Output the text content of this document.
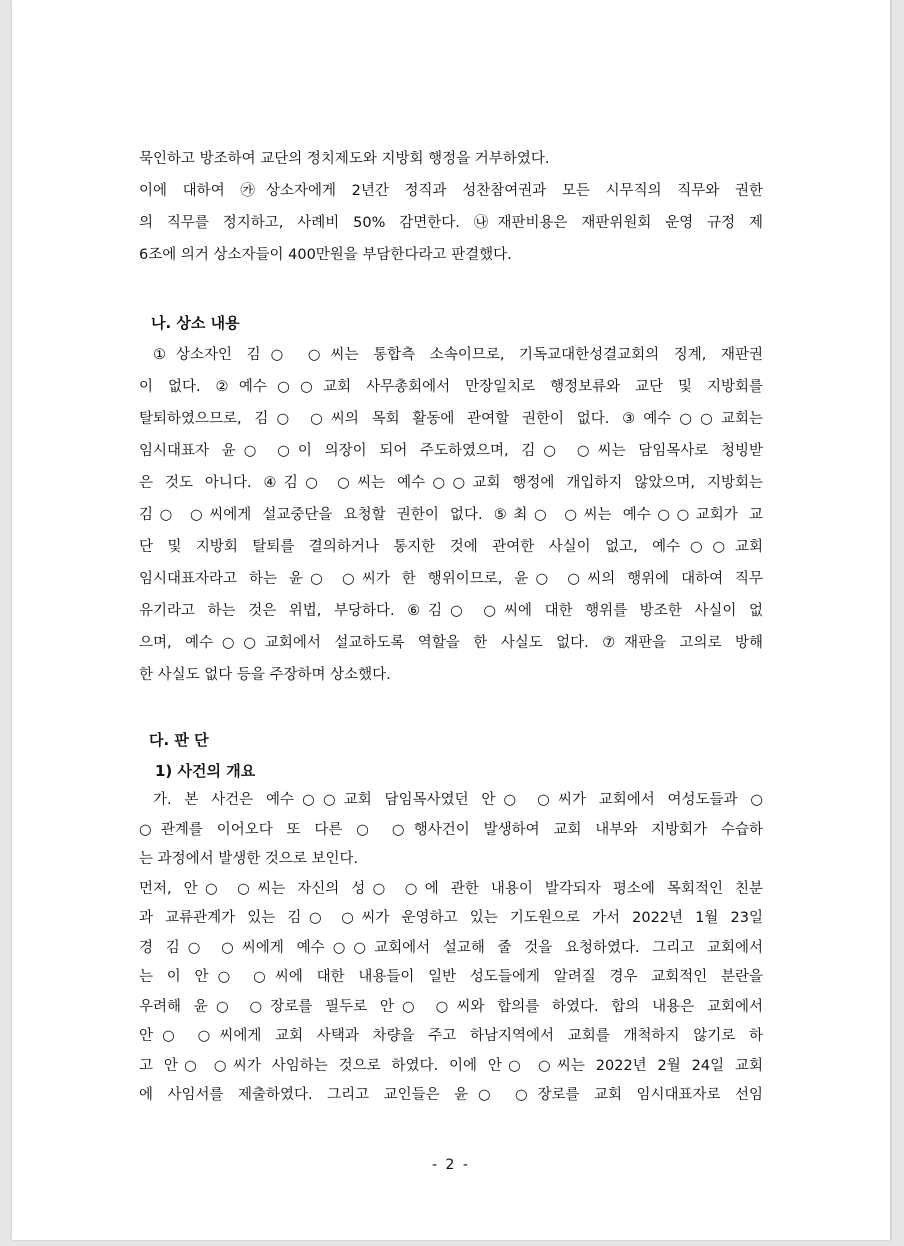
묵인하고 방조하여 교단의 정치제도와 지방회 행정을 거부하였다.

이에 대하여 ㉮상소자에게 2년간 정직과 성찬참여권과 모든 시무직의 직무와 권한

의 직무를 정지하고, 사례비 50% 감면한다. ㉯재판비용은 재판위원회 운영 규정 제

6조에 의거 상소자들이 400만원을 부담한다라고 판결했다.

나. 상소 내용

①상소자인 김○ ○씨는 통합측 소속이므로, 기독교대한성결교회의 징계, 재판권

이 없다. ②예수○○교회 사무총회에서 만장일치로 행정보류와 교단 및 지방회를

탈퇴하였으므로, 김○ ○씨의 목회 활동에 관여할 권한이 없다. ③예수○○교회는

임시대표자 윤○ ○이 의장이 되어 주도하였으며, 김○ ○씨는 담임목사로 청빙받

은 것도 아니다. ④김○ ○씨는 예수○○교회 행정에 개입하지 않았으며, 지방회는

김○ ○씨에게 설교중단을 요청할 권한이 없다. ⑤최○ ○씨는 예수○○교회가 교

단 및 지방회 탈퇴를 결의하거나 통지한 것에 관여한 사실이 없고, 예수○○교회

임시대표자라고 하는 윤○ ○씨가 한 행위이므로, 윤○ ○씨의 행위에 대하여 직무

유기라고 하는 것은 위법, 부당하다. ⑥김○ ○씨에 대한 행위를 방조한 사실이 없

으며, 예수○○교회에서 설교하도록 역할을 한 사실도 없다. ⑦재판을 고의로 방해

한 사실도 없다 등을 주장하며 상소했다.

다. 판 단
1) 사건의 개요

가. 본 사건은 예수○○교회 담임목사였던 안○ ○씨가 교회에서 여성도들과 ○

○관계를 이어오다 또 다른 ○ ○행사건이 발생하여 교회 내부와 지방회가 수습하

는 과정에서 발생한 것으로 보인다.

먼저, 안○ ○씨는 자신의 성○ ○에 관한 내용이 발각되자 평소에 목회적인 친분

과 교류관계가 있는 김○ ○씨가 운영하고 있는 기도원으로 가서 2022년 1월 23일

경 김○ ○씨에게 예수○○교회에서 설교해 줄 것을 요청하였다. 그리고 교회에서

는 이 안○ ○씨에 대한 내용들이 일반 성도들에게 알려질 경우 교회적인 분란을

우려해 윤○ ○장로를 필두로 안○ ○씨와 합의를 하였다. 합의 내용은 교회에서

안○ ○씨에게 교회 사택과 차량을 주고 하남지역에서 교회를 개척하지 않기로 하

고 안○ ○씨가 사임하는 것으로 하였다. 이에 안○ ○씨는 2022년 2월 24일 교회

에 사임서를 제출하였다. 그리고 교인들은 윤○ ○장로를 교회 임시대표자로 선임

- 2 -
